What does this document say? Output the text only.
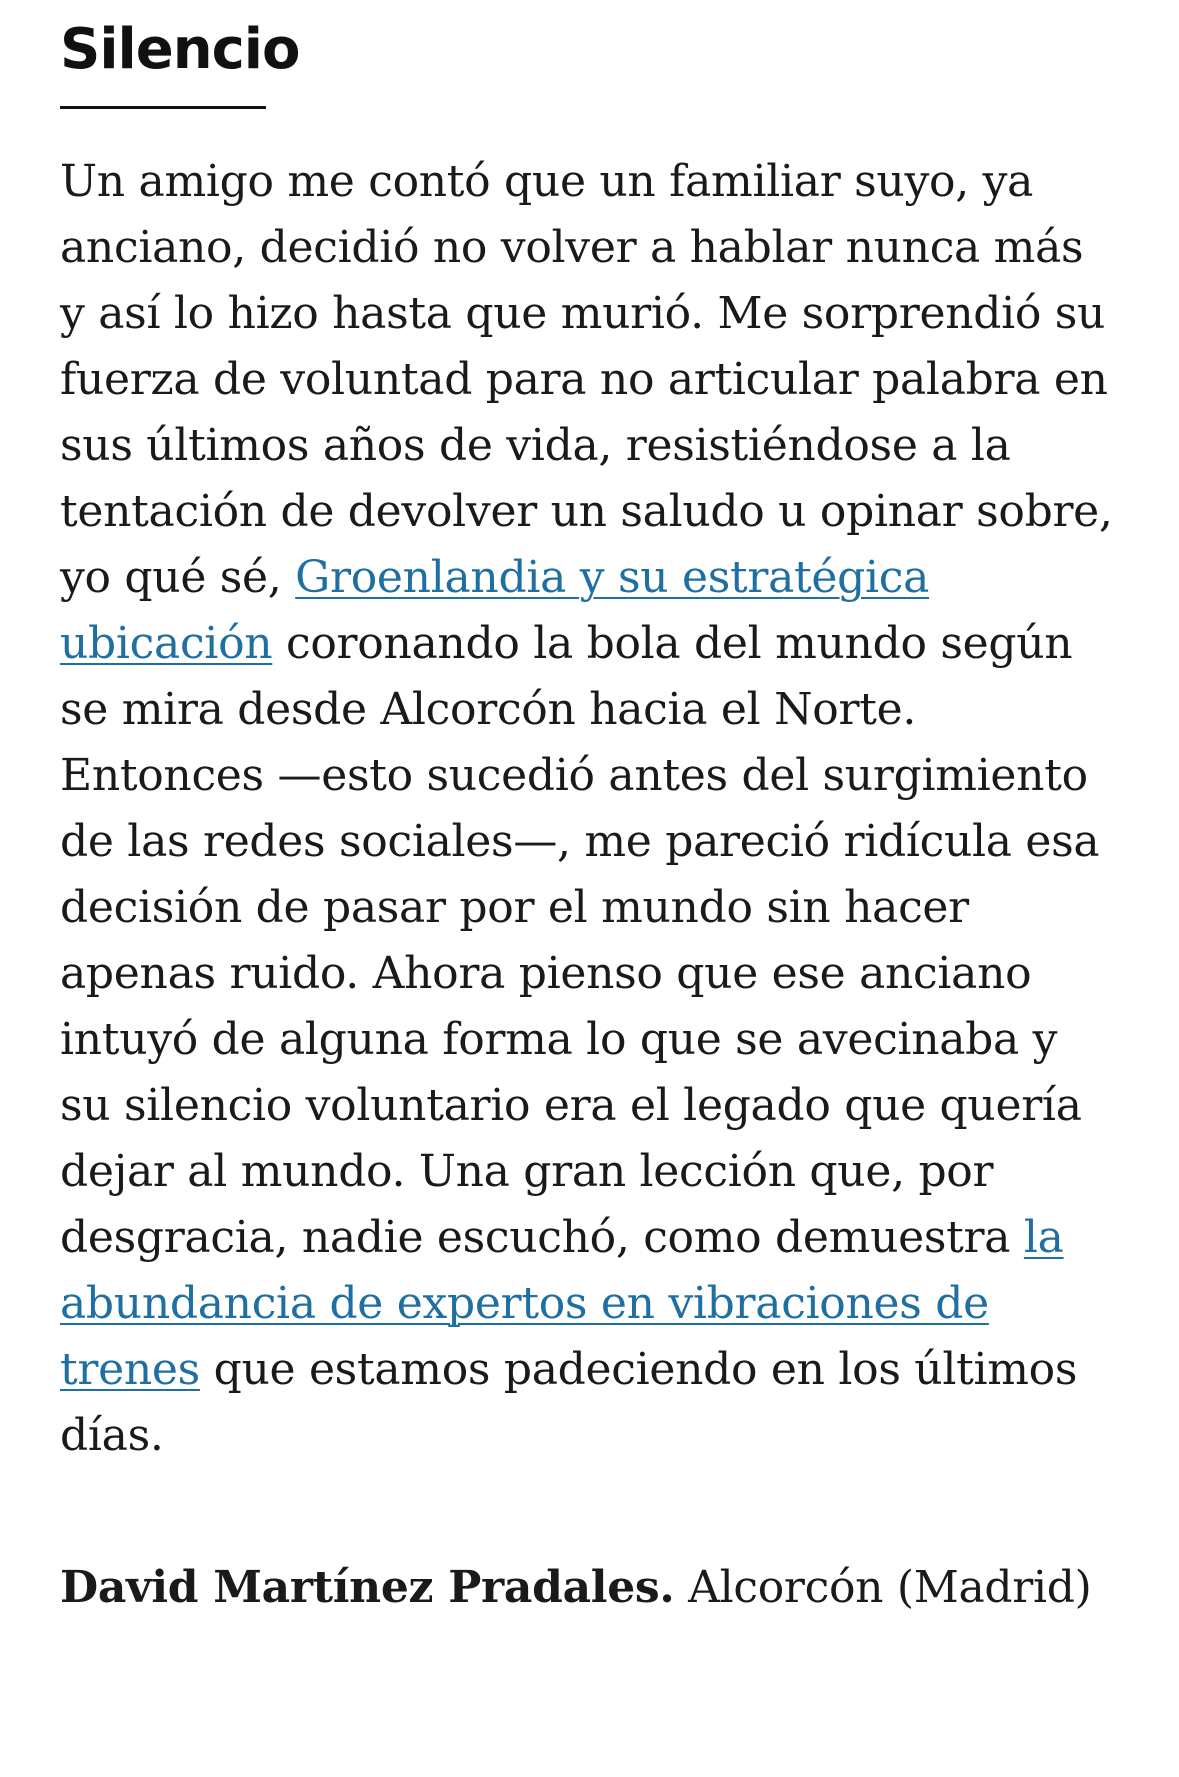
Silencio

Un amigo me contó que un familiar suyo, ya anciano, decidió no volver a hablar nunca más y así lo hizo hasta que murió. Me sorprendió su fuerza de voluntad para no articular palabra en sus últimos años de vida, resistiéndose a la tentación de devolver un saludo u opinar sobre, yo qué sé, Groenlandia y su estratégica ubicación coronando la bola del mundo según se mira desde Alcorcón hacia el Norte. Entonces —esto sucedió antes del surgimiento de las redes sociales—, me pareció ridícula esa decisión de pasar por el mundo sin hacer apenas ruido. Ahora pienso que ese anciano intuyó de alguna forma lo que se avecinaba y su silencio voluntario era el legado que quería dejar al mundo. Una gran lección que, por desgracia, nadie escuchó, como demuestra la abundancia de expertos en vibraciones de trenes que estamos padeciendo en los últimos días.

David Martínez Pradales. Alcorcón (Madrid)
